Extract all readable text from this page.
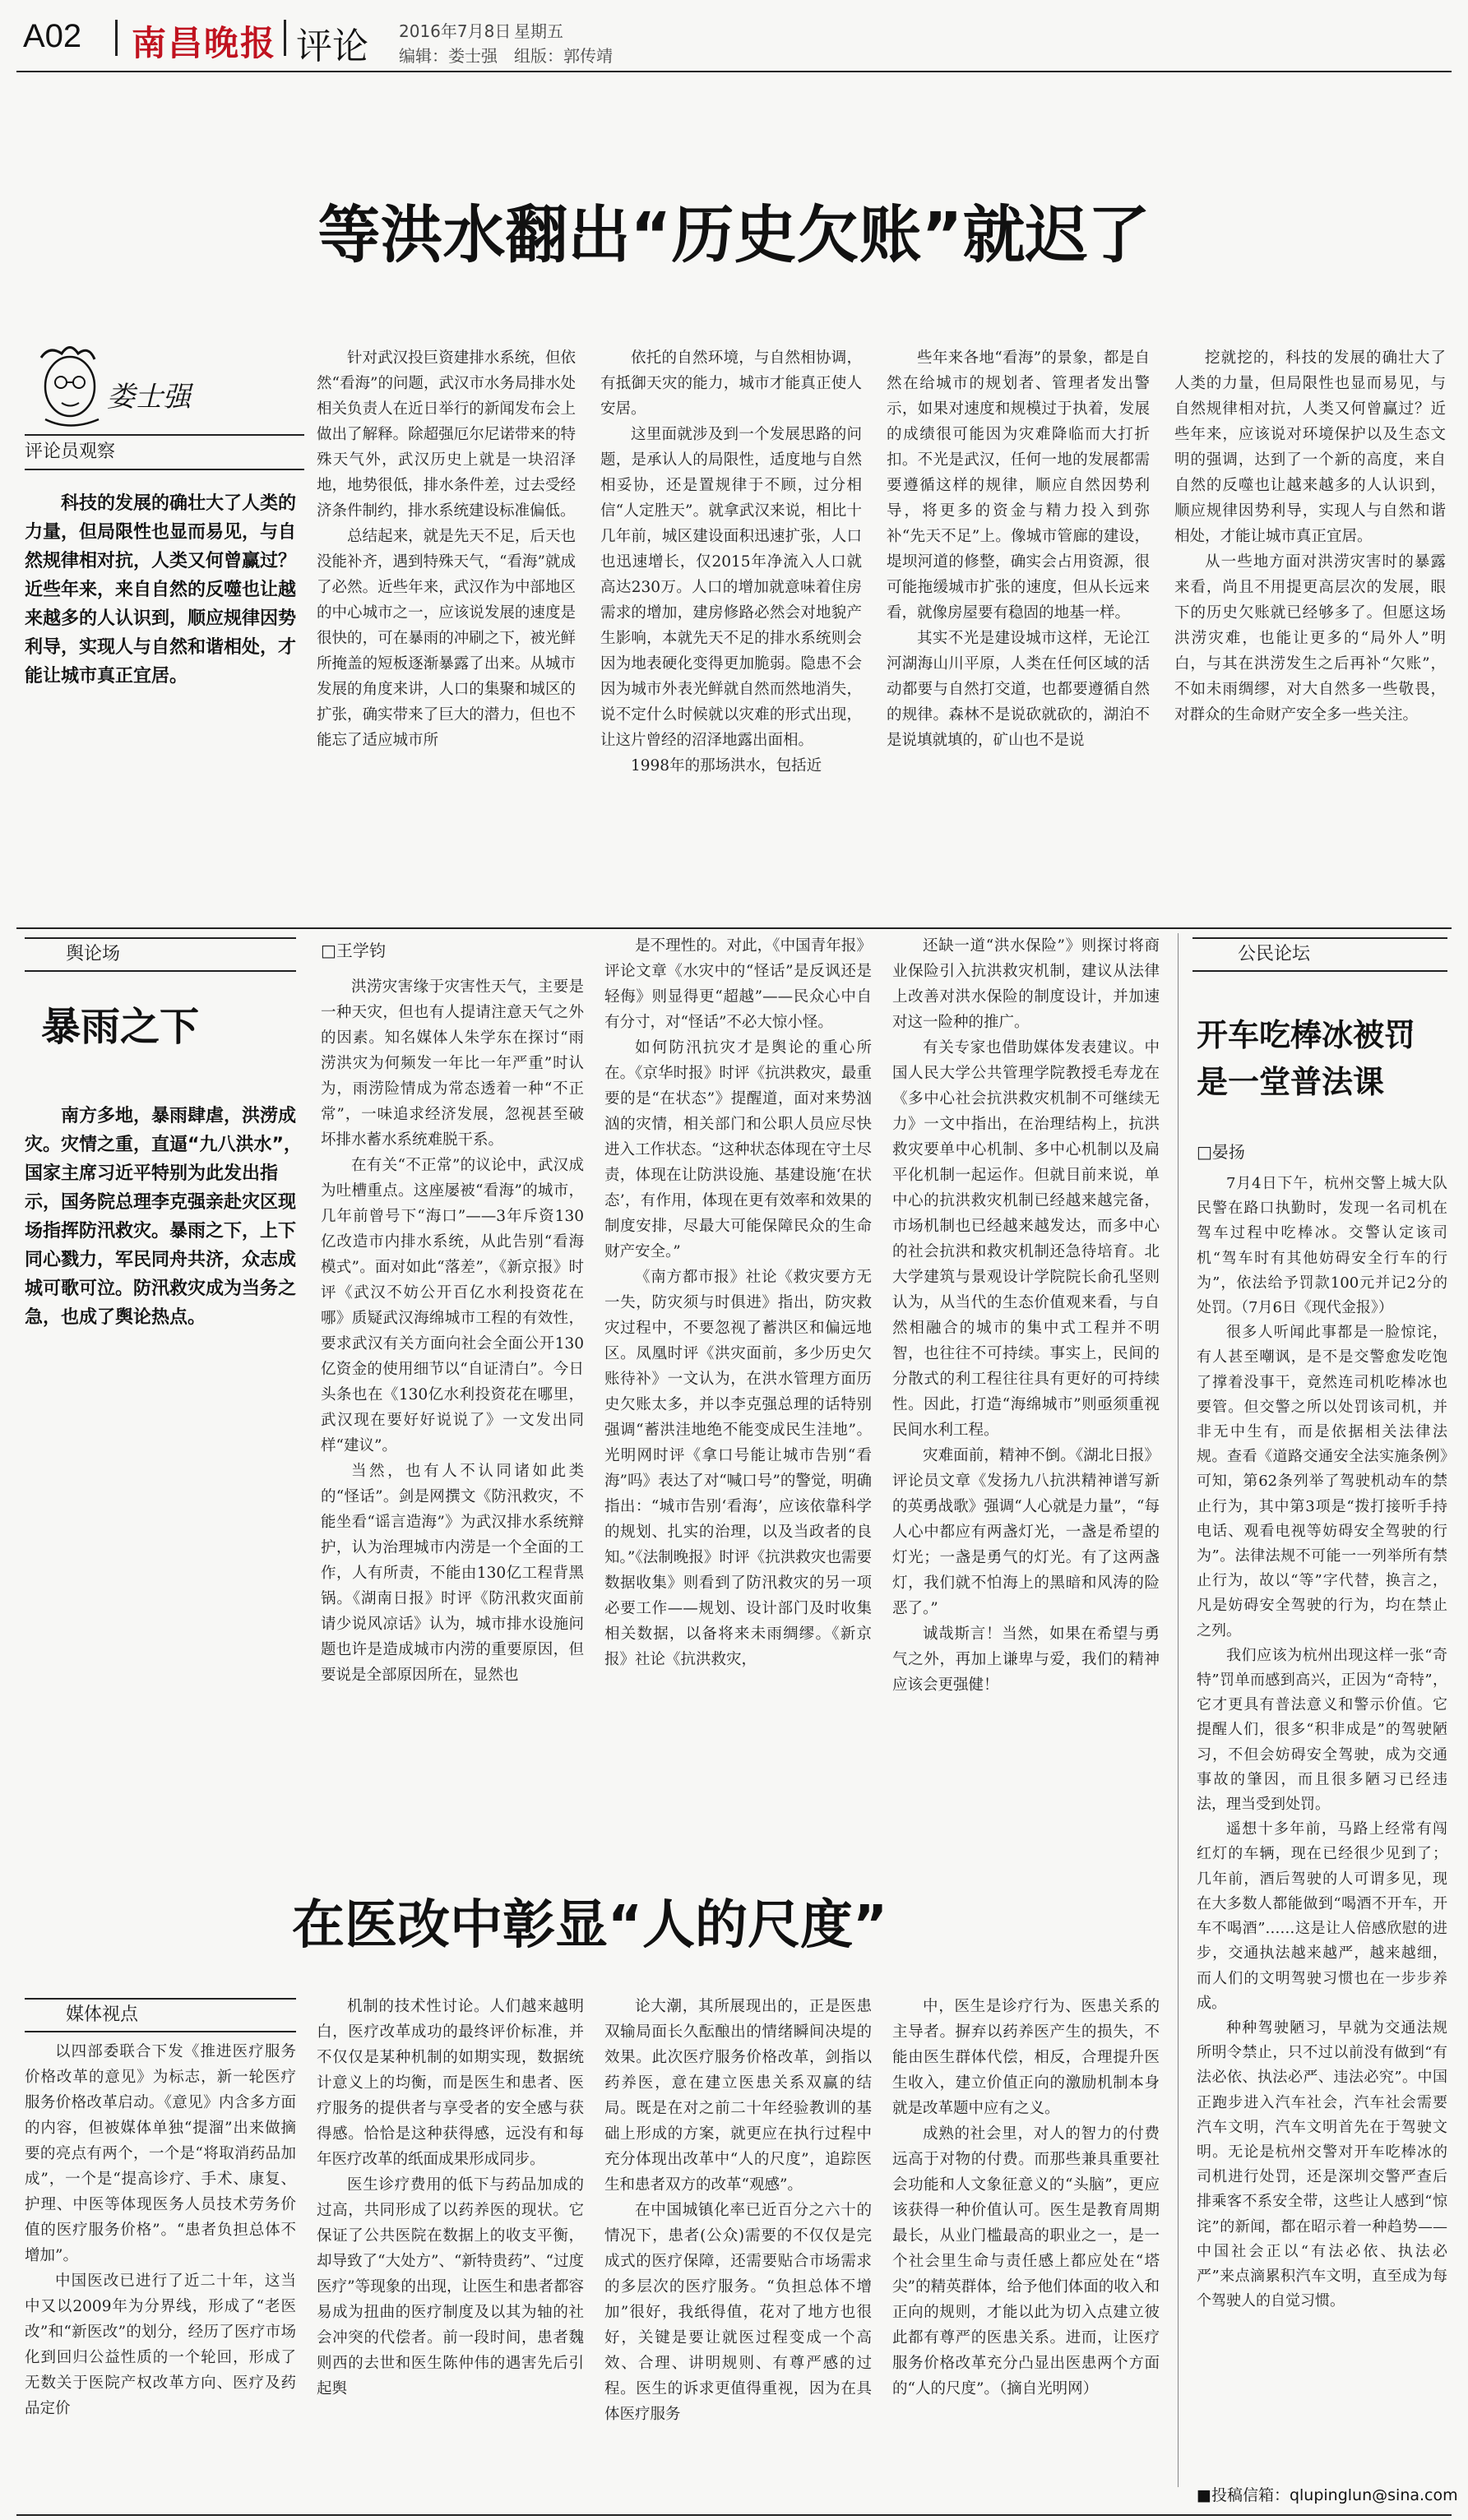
A02 南昌晚报 评论 2016年7月8日 星期五
编辑：娄士强 组版：郭传靖
等洪水翻出“历史欠账”就迟了
娄士强
评论员观察

科技的发展的确壮大了人类的力量，但局限性也显而易见，与自然规律相对抗，人类又何曾赢过？近些年来，来自自然的反噬也让越来越多的人认识到，顺应规律因势利导，实现人与自然和谐相处，才能让城市真正宜居。

针对武汉投巨资建排水系统，但依然“看海”的问题，武汉市水务局排水处相关负责人在近日举行的新闻发布会上做出了解释。除超强厄尔尼诺带来的特殊天气外，武汉历史上就是一块沼泽地，地势很低，排水条件差，过去受经济条件制约，排水系统建设标准偏低。

总结起来，就是先天不足，后天也没能补齐，遇到特殊天气，“看海”就成了必然。近些年来，武汉作为中部地区的中心城市之一，应该说发展的速度是很快的，可在暴雨的冲刷之下，被光鲜所掩盖的短板逐渐暴露了出来。从城市发展的角度来讲，人口的集聚和城区的扩张，确实带来了巨大的潜力，但也不能忘了适应城市所

依托的自然环境，与自然相协调，有抵御天灾的能力，城市才能真正使人安居。

这里面就涉及到一个发展思路的问题，是承认人的局限性，适度地与自然相妥协，还是置规律于不顾，过分相信“人定胜天”。就拿武汉来说，相比十几年前，城区建设面积迅速扩张，人口也迅速增长，仅2015年净流入人口就高达230万。人口的增加就意味着住房需求的增加，建房修路必然会对地貌产生影响，本就先天不足的排水系统则会因为地表硬化变得更加脆弱。隐患不会因为城市外表光鲜就自然而然地消失，说不定什么时候就以灾难的形式出现，让这片曾经的沼泽地露出面相。

1998年的那场洪水，包括近

些年来各地“看海”的景象，都是自然在给城市的规划者、管理者发出警示，如果对速度和规模过于执着，发展的成绩很可能因为灾难降临而大打折扣。不光是武汉，任何一地的发展都需要遵循这样的规律，顺应自然因势利导，将更多的资金与精力投入到弥补“先天不足”上。像城市管廊的建设，堤坝河道的修整，确实会占用资源，很可能拖缓城市扩张的速度，但从长远来看，就像房屋要有稳固的地基一样。

其实不光是建设城市这样，无论江河湖海山川平原，人类在任何区域的活动都要与自然打交道，也都要遵循自然的规律。森林不是说砍就砍的，湖泊不是说填就填的，矿山也不是说

挖就挖的，科技的发展的确壮大了人类的力量，但局限性也显而易见，与自然规律相对抗，人类又何曾赢过？近些年来，应该说对环境保护以及生态文明的强调，达到了一个新的高度，来自自然的反噬也让越来越多的人认识到，顺应规律因势利导，实现人与自然和谐相处，才能让城市真正宜居。

从一些地方面对洪涝灾害时的暴露来看，尚且不用提更高层次的发展，眼下的历史欠账就已经够多了。但愿这场洪涝灾难，也能让更多的“局外人”明白，与其在洪涝发生之后再补“欠账”，不如未雨绸缪，对大自然多一些敬畏，对群众的生命财产安全多一些关注。

舆论场
暴雨之下

南方多地，暴雨肆虐，洪涝成灾。灾情之重，直逼“九八洪水”，国家主席习近平特别为此发出指示，国务院总理李克强亲赴灾区现场指挥防汛救灾。暴雨之下，上下同心戮力，军民同舟共济，众志成城可歌可泣。防汛救灾成为当务之急，也成了舆论热点。

□王学钧

洪涝灾害缘于灾害性天气，主要是一种天灾，但也有人提请注意天气之外的因素。知名媒体人朱学东在探讨“雨涝洪灾为何频发一年比一年严重”时认为，雨涝险情成为常态透着一种“不正常”，一味追求经济发展，忽视甚至破坏排水蓄水系统难脱干系。

在有关“不正常”的议论中，武汉成为吐槽重点。这座屡被“看海”的城市，几年前曾号下“海口”——3年斥资130亿改造市内排水系统，从此告别“看海模式”。面对如此“落差”，《新京报》时评《武汉不妨公开百亿水利投资花在哪》质疑武汉海绵城市工程的有效性，要求武汉有关方面向社会全面公开130亿资金的使用细节以“自证清白”。今日头条也在《130亿水利投资花在哪里，武汉现在要好好说说了》一文发出同样“建议”。

当然，也有人不认同诸如此类的“怪话”。剑是网撰文《防汛救灾，不能坐看“谣言造海”》为武汉排水系统辩护，认为治理城市内涝是一个全面的工作，人有所责，不能由130亿工程背黑锅。《湖南日报》时评《防汛救灾面前 请少说风凉话》认为，城市排水设施问题也许是造成城市内涝的重要原因，但要说是全部原因所在，显然也

是不理性的。对此，《中国青年报》评论文章《水灾中的“怪话”是反讽还是轻侮》则显得更“超越”——民众心中自有分寸，对“怪话”不必大惊小怪。

如何防汛抗灾才是舆论的重心所在。《京华时报》时评《抗洪救灾，最重要的是“在状态”》提醒道，面对来势汹汹的灾情，相关部门和公职人员应尽快进入工作状态。“这种状态体现在守土尽责，体现在让防洪设施、基建设施‘在状态’，有作用，体现在更有效率和效果的制度安排，尽最大可能保障民众的生命财产安全。”

《南方都市报》社论《救灾要方无一失，防灾须与时俱进》指出，防灾救灾过程中，不要忽视了蓄洪区和偏远地区。凤凰时评《洪灾面前，多少历史欠账待补》一文认为，在洪水管理方面历史欠账太多，并以李克强总理的话特别强调“蓄洪洼地绝不能变成民生洼地”。光明网时评《拿口号能让城市告别“看海”吗》表达了对“喊口号”的警觉，明确指出：“城市告别‘看海’，应该依靠科学的规划、扎实的治理，以及当政者的良知。”《法制晚报》时评《抗洪救灾也需要数据收集》则看到了防汛救灾的另一项必要工作——规划、设计部门及时收集相关数据，以备将来未雨绸缪。《新京报》社论《抗洪救灾，

还缺一道“洪水保险”》则探讨将商业保险引入抗洪救灾机制，建议从法律上改善对洪水保险的制度设计，并加速对这一险种的推广。

有关专家也借助媒体发表建议。中国人民大学公共管理学院教授毛寿龙在《多中心社会抗洪救灾机制不可继续无力》一文中指出，在治理结构上，抗洪救灾要单中心机制、多中心机制以及扁平化机制一起运作。但就目前来说，单中心的抗洪救灾机制已经越来越完备，市场机制也已经越来越发达，而多中心的社会抗洪和救灾机制还急待培育。北大学建筑与景观设计学院院长俞孔坚则认为，从当代的生态价值观来看，与自然相融合的城市的集中式工程并不明智，也往往不可持续。事实上，民间的分散式的利工程往往具有更好的可持续性。因此，打造“海绵城市”则亟须重视民间水利工程。

灾难面前，精神不倒。《湖北日报》评论员文章《发扬九八抗洪精神谱写新的英勇战歌》强调“人心就是力量”，“每人心中都应有两盏灯光，一盏是希望的灯光；一盏是勇气的灯光。有了这两盏灯，我们就不怕海上的黑暗和风涛的险恶了。”

诚哉斯言！当然，如果在希望与勇气之外，再加上谦卑与爱，我们的精神应该会更强健！

公民论坛
开车吃棒冰被罚
是一堂普法课
□晏扬

7月4日下午，杭州交警上城大队民警在路口执勤时，发现一名司机在驾车过程中吃棒冰。交警认定该司机“驾车时有其他妨碍安全行车的行为”，依法给予罚款100元并记2分的处罚。（7月6日《现代金报》）

很多人听闻此事都是一脸惊诧，有人甚至嘲讽，是不是交警愈发吃饱了撑着没事干，竟然连司机吃棒冰也要管。但交警之所以处罚该司机，并非无中生有，而是依据相关法律法规。查看《道路交通安全法实施条例》可知，第62条列举了驾驶机动车的禁止行为，其中第3项是“拨打接听手持电话、观看电视等妨碍安全驾驶的行为”。法律法规不可能一一列举所有禁止行为，故以“等”字代替，换言之，凡是妨碍安全驾驶的行为，均在禁止之列。

我们应该为杭州出现这样一张“奇特”罚单而感到高兴，正因为“奇特”，它才更具有普法意义和警示价值。它提醒人们，很多“积非成是”的驾驶陋习，不但会妨碍安全驾驶，成为交通事故的肇因，而且很多陋习已经违法，理当受到处罚。

遥想十多年前，马路上经常有闯红灯的车辆，现在已经很少见到了；几年前，酒后驾驶的人可谓多见，现在大多数人都能做到“喝酒不开车，开车不喝酒”……这是让人倍感欣慰的进步，交通执法越来越严，越来越细，而人们的文明驾驶习惯也在一步步养成。

种种驾驶陋习，早就为交通法规所明令禁止，只不过以前没有做到“有法必依、执法必严、违法必究”。中国正跑步进入汽车社会，汽车社会需要汽车文明，汽车文明首先在于驾驶文明。无论是杭州交警对开车吃棒冰的司机进行处罚，还是深圳交警严查后排乘客不系安全带，这些让人感到“惊诧”的新闻，都在昭示着一种趋势——中国社会正以“有法必依、执法必严”来点滴累积汽车文明，直至成为每个驾驶人的自觉习惯。

■投稿信箱：qlupinglun@sina.com
在医改中彰显“人的尺度”
媒体视点

以四部委联合下发《推进医疗服务价格改革的意见》为标志，新一轮医疗服务价格改革启动。《意见》内含多方面的内容，但被媒体单独“提溜”出来做摘要的亮点有两个，一个是“将取消药品加成”，一个是“提高诊疗、手术、康复、护理、中医等体现医务人员技术劳务价值的医疗服务价格”。“患者负担总体不增加”。

中国医改已进行了近二十年，这当中又以2009年为分界线，形成了“老医改”和“新医改”的划分，经历了医疗市场化到回归公益性质的一个轮回，形成了无数关于医院产权改革方向、医疗及药品定价

机制的技术性讨论。人们越来越明白，医疗改革成功的最终评价标准，并不仅仅是某种机制的如期实现，数据统计意义上的均衡，而是医生和患者、医疗服务的提供者与享受者的安全感与获得感。恰恰是这种获得感，远没有和每年医疗改革的纸面成果形成同步。

医生诊疗费用的低下与药品加成的过高，共同形成了以药养医的现状。它保证了公共医院在数据上的收支平衡，却导致了“大处方”、“新特贵药”、“过度医疗”等现象的出现，让医生和患者都容易成为扭曲的医疗制度及以其为轴的社会冲突的代偿者。前一段时间，患者魏则西的去世和医生陈仲伟的遇害先后引起舆

论大潮，其所展现出的，正是医患双输局面长久酝酿出的情绪瞬间决堤的效果。此次医疗服务价格改革，剑指以药养医，意在建立医患关系双赢的结局。既是在对之前二十年经验教训的基础上形成的方案，就更应在执行过程中充分体现出改革中“人的尺度”，追踪医生和患者双方的改革“观感”。

在中国城镇化率已近百分之六十的情况下，患者(公众)需要的不仅仅是完成式的医疗保障，还需要贴合市场需求的多层次的医疗服务。“负担总体不增加”很好，我纸得值，花对了地方也很好，关键是要让就医过程变成一个高效、合理、讲明规则、有尊严感的过程。医生的诉求更值得重视，因为在具体医疗服务

中，医生是诊疗行为、医患关系的主导者。摒弃以药养医产生的损失，不能由医生群体代偿，相反，合理提升医生收入，建立价值正向的激励机制本身就是改革题中应有之义。

成熟的社会里，对人的智力的付费远高于对物的付费。而那些兼具重要社会功能和人文象征意义的“头脑”，更应该获得一种价值认可。医生是教育周期最长，从业门槛最高的职业之一，是一个社会里生命与责任感上都应处在“塔尖”的精英群体，给予他们体面的收入和正向的规则，才能以此为切入点建立彼此都有尊严的医患关系。进而，让医疗服务价格改革充分凸显出医患两个方面的“人的尺度”。（摘自光明网）
